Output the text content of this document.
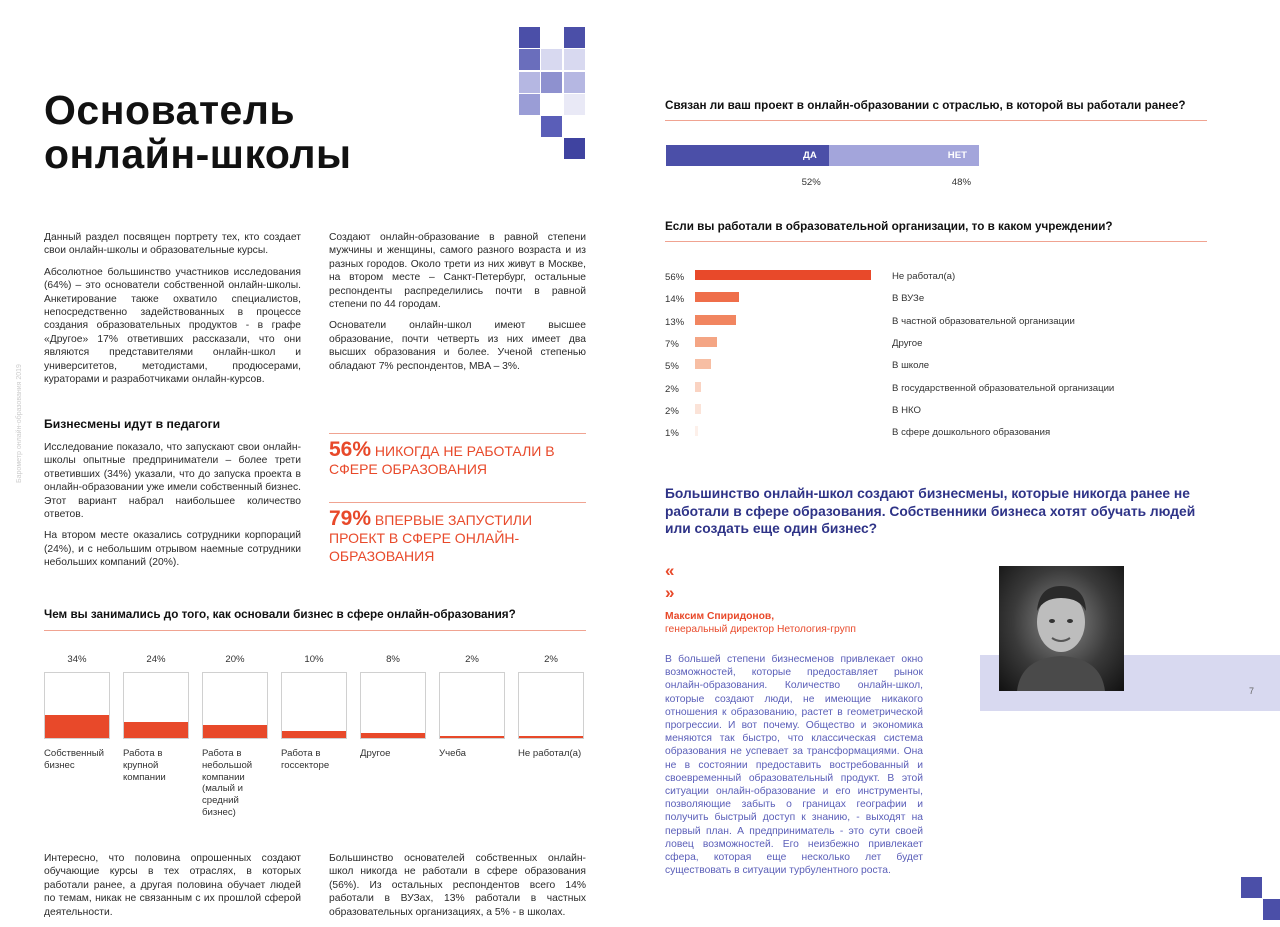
Барометр онлайн-образования 2019
Основатель
онлайн-школы

Данный раздел посвящен портрету тех, кто создает свои онлайн-школы и образовательные курсы.

Абсолютное большинство участников исследования (64%) – это основатели собственной онлайн-школы. Анкетирование также охватило специалистов, непосредственно задействованных в процессе создания образовательных продуктов - в графе «Другое» 17% ответивших рассказали, что они являются представителями онлайн-школ и университетов, методистами, продюсерами, кураторами и разработчиками онлайн-курсов.

Создают онлайн-образование в равной степени мужчины и женщины, самого разного возраста и из разных городов. Около трети из них живут в Москве, на втором месте – Санкт-Петербург, остальные респонденты распределились почти в равной степени по 44 городам.

Основатели онлайн-школ имеют высшее образование, почти четверть из них имеет два высших образования и более. Ученой степенью обладают 7% респондентов, MBA – 3%.

Бизнесмены идут в педагоги

Исследование показало, что запускают свои онлайн-школы опытные предприниматели – более трети ответивших (34%) указали, что до запуска проекта в онлайн-образовании уже имели собственный бизнес. Этот вариант набрал наибольшее количество ответов.

На втором месте оказались сотрудники корпораций (24%), и с небольшим отрывом наемные сотрудники небольших компаний (20%).

56% НИКОГДА НЕ РАБОТАЛИ В СФЕРЕ ОБРАЗОВАНИЯ
79% ВПЕРВЫЕ ЗАПУСТИЛИ ПРОЕКТ В СФЕРЕ ОНЛАЙН-ОБРАЗОВАНИЯ
Чем вы занимались до того, как основали бизнес в сфере онлайн-образования?
34%
Собственный бизнес
24%
Работа в крупной компании
20%
Работа в небольшой компании (малый и средний бизнес)
10%
Работа в госсекторе
8%
Другое
2%
Учеба
2%
Не работал(а)

Интересно, что половина опрошенных создают обучающие курсы в тех отраслях, в которых работали ранее, а другая половина обучает людей по темам, никак не связанным с их прошлой сферой деятельности.

Большинство основателей собственных онлайн-школ никогда не работали в сфере образования (56%). Из остальных респондентов всего 14% работали в ВУЗах, 13% работали в частных образовательных организациях, а 5% - в школах.

Связан ли ваш проект в онлайн-образовании с отраслью, в которой вы работали ранее?
ДА
52%
НЕТ
48%
Если вы работали в образовательной организации, то в каком учреждении?
56%	Не работал(а)
14%	В ВУЗе
13%	В частной образовательной организации
7%	Другое
5%	В школе
2%	В государственной образовательной организации
2%	В НКО
1%	В сфере дошкольного образования
Большинство онлайн-школ создают бизнесмены, которые никогда ранее не работали в сфере образования. Собственники бизнеса хотят обучать людей или создать еще один бизнес?
«
»
Максим Спиридонов,
генеральный директор Нетология-групп
В большей степени бизнесменов привлекает окно возможностей, которые предоставляет рынок онлайн-образования. Количество онлайн-школ, которые создают люди, не имеющие никакого отношения к образованию, растет в геометрической прогрессии. И вот почему. Общество и экономика меняются так быстро, что классическая система образования не успевает за трансформациями. Она не в состоянии предоставить востребованный и своевременный образовательный продукт. В этой ситуации онлайн-образование и его инструменты, позволяющие забыть о границах географии и получить быстрый доступ к знанию, - выходят на первый план. А предприниматель - это сути своей ловец возможностей. Его неизбежно привлекает сфера, которая еще несколько лет будет существовать в ситуации турбулентного роста.
7
